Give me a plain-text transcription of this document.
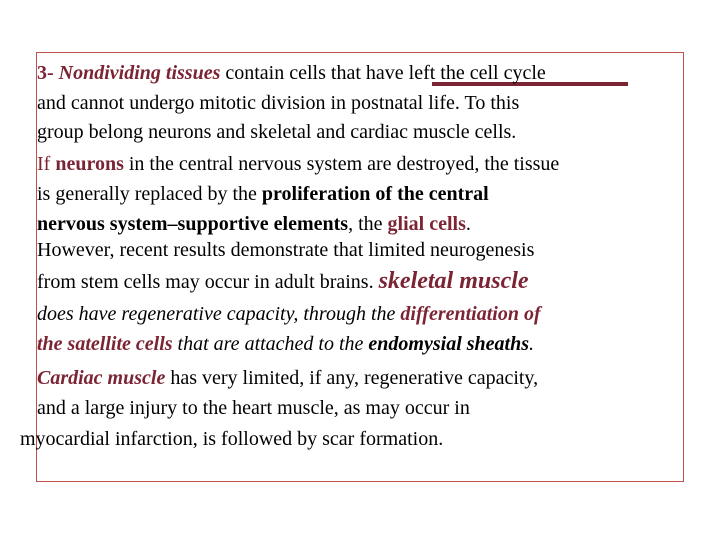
3- Nondividing tissues contain cells that have left the cell cycle
and cannot undergo mitotic division in postnatal life. To this
group belong neurons and skeletal and cardiac muscle cells.
If neurons in the central nervous system are destroyed, the tissue
is generally replaced by the proliferation of the central
nervous system–supportive elements, the glial cells.
However, recent results demonstrate that limited neurogenesis
from stem cells may occur in adult brains. skeletal muscle
does have regenerative capacity, through the differentiation of
the satellite cells that are attached to the endomysial sheaths.
Cardiac muscle has very limited, if any, regenerative capacity,
and a large injury to the heart muscle, as may occur in
myocardial infarction, is followed by scar formation.
